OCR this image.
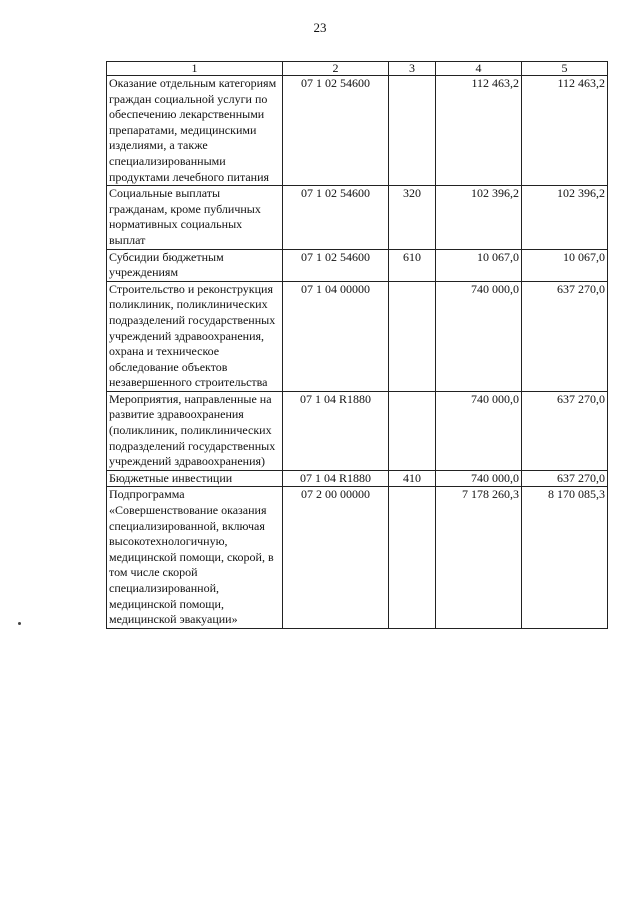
23
1	2	3	4	5
Оказание отдельным категориям граждан социальной услуги по обеспечению лекарственными препаратами, медицинскими изделиями, а также специализированными продуктами лечебного питания	07 1 02 54600		112 463,2	112 463,2
Социальные выплаты гражданам, кроме публичных нормативных социальных выплат	07 1 02 54600	320	102 396,2	102 396,2
Субсидии бюджетным учреждениям	07 1 02 54600	610	10 067,0	10 067,0
Строительство и реконструкция поликлиник, поликлинических подразделений государственных учреждений здравоохранения, охрана и техническое обследование объектов незавершенного строительства	07 1 04 00000		740 000,0	637 270,0
Мероприятия, направленные на развитие здравоохранения (поликлиник, поликлинических подразделений государственных учреждений здравоохранения)	07 1 04 R1880		740 000,0	637 270,0
Бюджетные инвестиции	07 1 04 R1880	410	740 000,0	637 270,0
Подпрограмма «Совершенствование оказания специализированной, включая высокотехнологичную, медицинской помощи, скорой, в том числе скорой специализированной, медицинской помощи, медицинской эвакуации»	07 2 00 00000		7 178 260,3	8 170 085,3
